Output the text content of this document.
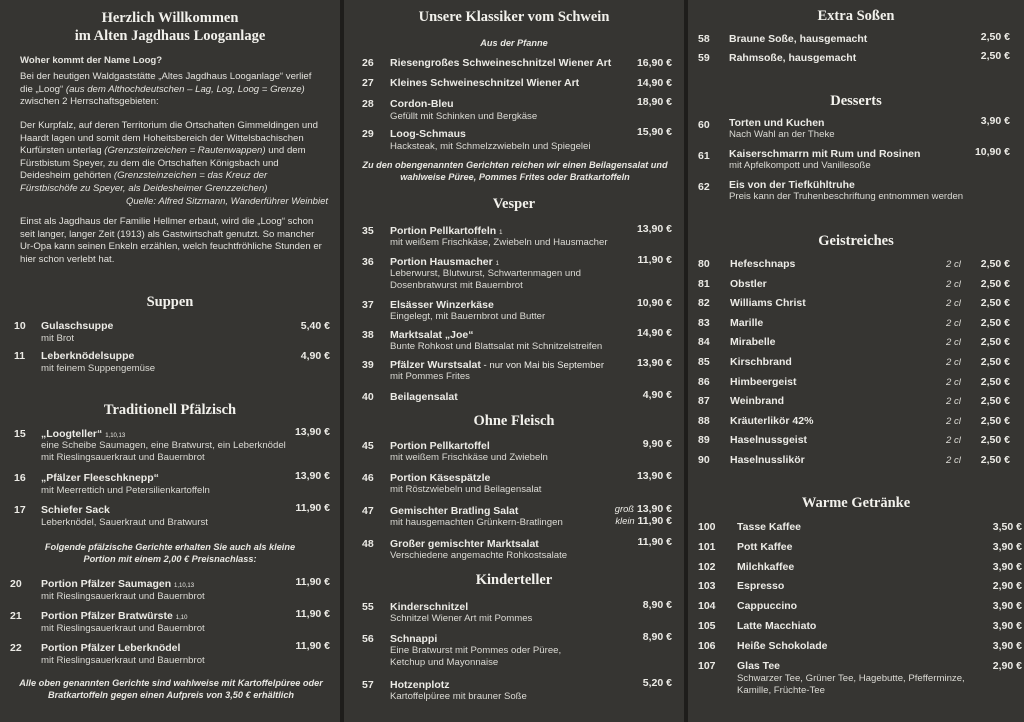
Herzlich Willkommen
im Alten Jagdhaus Looganlage
Woher kommt der Name Loog?
Bei der heutigen Waldgaststätte „Altes Jagdhaus Looganlage“ verlief die „Loog“ (aus dem Althochdeutschen – Lag, Log, Loog = Grenze) zwischen 2 Herrschaftsgebieten:
Der Kurpfalz, auf deren Territorium die Ortschaften Gimmeldingen und Haardt lagen und somit dem Hoheitsbereich der Wittelsbachischen Kurfürsten unterlag (Grenzsteinzeichen = Rautenwappen) und dem Fürstbistum Speyer, zu dem die Ortschaften Königsbach und Deidesheim gehörten (Grenzsteinzeichen = das Kreuz der Fürstbischöfe zu Speyer, als Deidesheimer Grenzzeichen)
Quelle: Alfred Sitzmann, Wanderführer Weinbiet
Einst als Jagdhaus der Familie Hellmer erbaut, wird die „Loog“ schon seit langer, langer Zeit (1913) als Gastwirtschaft genutzt. So mancher Ur-Opa kann seinen Enkeln erzählen, welch feuchtfröhliche Stunden er hier schon verlebt hat.
Suppen
10 Gulaschsuppe
mit Brot
5,40 €
11 Leberknödelsuppe
mit feinem Suppengemüse
4,90 €
Traditionell Pfälzisch
15 „Loogteller“ 1,10,13
eine Scheibe Saumagen, eine Bratwurst, ein Leberknödel
mit Rieslingsauerkraut und Bauernbrot
13,90 €
16 „Pfälzer Fleeschknepp“
mit Meerrettich und Petersilienkartoffeln
13,90 €
17 Schiefer Sack
Leberknödel, Sauerkraut und Bratwurst
11,90 €
Folgende pfälzische Gerichte erhalten Sie auch als kleine Portion mit einem 2,00 € Preisnachlass:
20 Portion Pfälzer Saumagen 1,10,13
mit Rieslingsauerkraut und Bauernbrot
11,90 €
21 Portion Pfälzer Bratwürste 1,10
mit Rieslingsauerkraut und Bauernbrot
11,90 €
22 Portion Pfälzer Leberknödel
mit Rieslingsauerkraut und Bauernbrot
11,90 €
Alle oben genannten Gerichte sind wahlweise mit Kartoffelpüree oder Bratkartoffeln gegen einen Aufpreis von 3,50 € erhältlich
Unsere Klassiker vom Schwein
Aus der Pfanne
26 Riesengroßes Schweineschnitzel Wiener Art 16,90 €
27 Kleines Schweineschnitzel Wiener Art	14,90 €
28 Cordon-Bleu
Gefüllt mit Schinken und Bergkäse
18,90 €
29 Loog-Schmaus
Hacksteak, mit Schmelzzwiebeln und Spiegelei
15,90 €
Zu den obengenannten Gerichten reichen wir einen Beilagensalat und wahlweise Püree, Pommes Frites oder Bratkartoffeln
Vesper
35 Portion Pellkartoffeln 1
mit weißem Frischkäse, Zwiebeln und Hausmacher
13,90 €
36 Portion Hausmacher 1
Leberwurst, Blutwurst, Schwartenmagen und
Dosenbratwurst mit Bauernbrot
11,90 €
37 Elsässer Winzerkäse
Eingelegt, mit Bauernbrot und Butter
10,90 €
38 Marktsalat „Joe“
Bunte Rohkost und Blattsalat mit Schnitzelstreifen
14,90 €
39 Pfälzer Wurstsalat - nur von Mai bis September
mit Pommes Frites
13,90 €
40 Beilagensalat	4,90 €
Ohne Fleisch
45 Portion Pellkartoffel
mit weißem Frischkäse und Zwiebeln
9,90 €
46 Portion Käsespätzle
mit Röstzwiebeln und Beilagensalat
13,90 €
47 Gemischter Bratling Salat
mit hausgemachten Grünkern-Bratlingen
groß 13,90 €
klein 11,90 €
48 Großer gemischter Marktsalat
Verschiedene angemachte Rohkostsalate
11,90 €
Kinderteller
55 Kinderschnitzel
Schnitzel Wiener Art mit Pommes
8,90 €
56 Schnappi
Eine Bratwurst mit Pommes oder Püree,
Ketchup und Mayonnaise
8,90 €
57 Hotzenplotz
Kartoffelpüree mit brauner Soße
5,20 €
Extra Soßen
58 Braune Soße, hausgemacht	2,50 €
59 Rahmsoße, hausgemacht	2,50 €
Desserts
60 Torten und Kuchen
Nach Wahl an der Theke
3,90 €
61 Kaiserschmarrn mit Rum und Rosinen
mit Apfelkompott und Vanillesoße
10,90 €
62 Eis von der Tiefkühltruhe
Preis kann der Truhenbeschriftung entnommen werden
Geistreiches
80 Hefeschnaps	2 cl 2,50 €
81 Obstler	2 cl 2,50 €
82 Williams Christ	2 cl 2,50 €
83 Marille	2 cl 2,50 €
84 Mirabelle	2 cl 2,50 €
85 Kirschbrand	2 cl 2,50 €
86 Himbeergeist	2 cl 2,50 €
87 Weinbrand	2 cl 2,50 €
88 Kräuterlikör 42%	2 cl 2,50 €
89 Haselnussgeist	2 cl 2,50 €
90 Haselnusslikör	2 cl 2,50 €
Warme Getränke
100 Tasse Kaffee	3,50 €
101 Pott Kaffee	3,90 €
102 Milchkaffee	3,90 €
103 Espresso	2,90 €
104 Cappuccino	3,90 €
105 Latte Macchiato	3,90 €
106 Heiße Schokolade	3,90 €
107 Glas Tee	2,90 €
Schwarzer Tee, Grüner Tee, Hagebutte, Pfefferminze,
Kamille, Früchte-Tee
